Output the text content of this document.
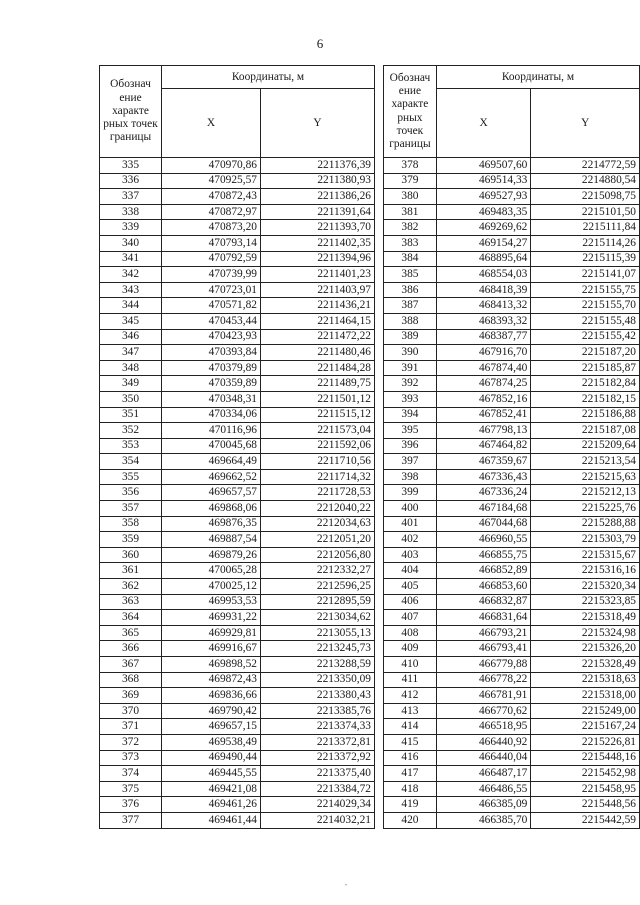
6
Обознач ение характе рных точек границы	Координаты, м	
	X	Y
335	470970,86	2211376,39
336	470925,57	2211380,93
337	470872,43	2211386,26
338	470872,97	2211391,64
339	470873,20	2211393,70
340	470793,14	2211402,35
341	470792,59	2211394,96
342	470739,99	2211401,23
343	470723,01	2211403,97
344	470571,82	2211436,21
345	470453,44	2211464,15
346	470423,93	2211472,22
347	470393,84	2211480,46
348	470379,89	2211484,28
349	470359,89	2211489,75
350	470348,31	2211501,12
351	470334,06	2211515,12
352	470116,96	2211573,04
353	470045,68	2211592,06
354	469664,49	2211710,56
355	469662,52	2211714,32
356	469657,57	2211728,53
357	469868,06	2212040,22
358	469876,35	2212034,63
359	469887,54	2212051,20
360	469879,26	2212056,80
361	470065,28	2212332,27
362	470025,12	2212596,25
363	469953,53	2212895,59
364	469931,22	2213034,62
365	469929,81	2213055,13
366	469916,67	2213245,73
367	469898,52	2213288,59
368	469872,43	2213350,09
369	469836,66	2213380,43
370	469790,42	2213385,76
371	469657,15	2213374,33
372	469538,49	2213372,81
373	469490,44	2213372,92
374	469445,55	2213375,40
375	469421,08	2213384,72
376	469461,26	2214029,34
377	469461,44	2214032,21
Обознач ение характе рных точек границы	Координаты, м	
	X	Y
378	469507,60	2214772,59
379	469514,33	2214880,54
380	469527,93	2215098,75
381	469483,35	2215101,50
382	469269,62	2215111,84
383	469154,27	2215114,26
384	468895,64	2215115,39
385	468554,03	2215141,07
386	468418,39	2215155,75
387	468413,32	2215155,70
388	468393,32	2215155,48
389	468387,77	2215155,42
390	467916,70	2215187,20
391	467874,40	2215185,87
392	467874,25	2215182,84
393	467852,16	2215182,15
394	467852,41	2215186,88
395	467798,13	2215187,08
396	467464,82	2215209,64
397	467359,67	2215213,54
398	467336,43	2215215,63
399	467336,24	2215212,13
400	467184,68	2215225,76
401	467044,68	2215288,88
402	466960,55	2215303,79
403	466855,75	2215315,67
404	466852,89	2215316,16
405	466853,60	2215320,34
406	466832,87	2215323,85
407	466831,64	2215318,49
408	466793,21	2215324,98
409	466793,41	2215326,20
410	466779,88	2215328,49
411	466778,22	2215318,63
412	466781,91	2215318,00
413	466770,62	2215249,00
414	466518,95	2215167,24
415	466440,92	2215226,81
416	466440,04	2215448,16
417	466487,17	2215452,98
418	466486,55	2215458,95
419	466385,09	2215448,56
420	466385,70	2215442,59
•
